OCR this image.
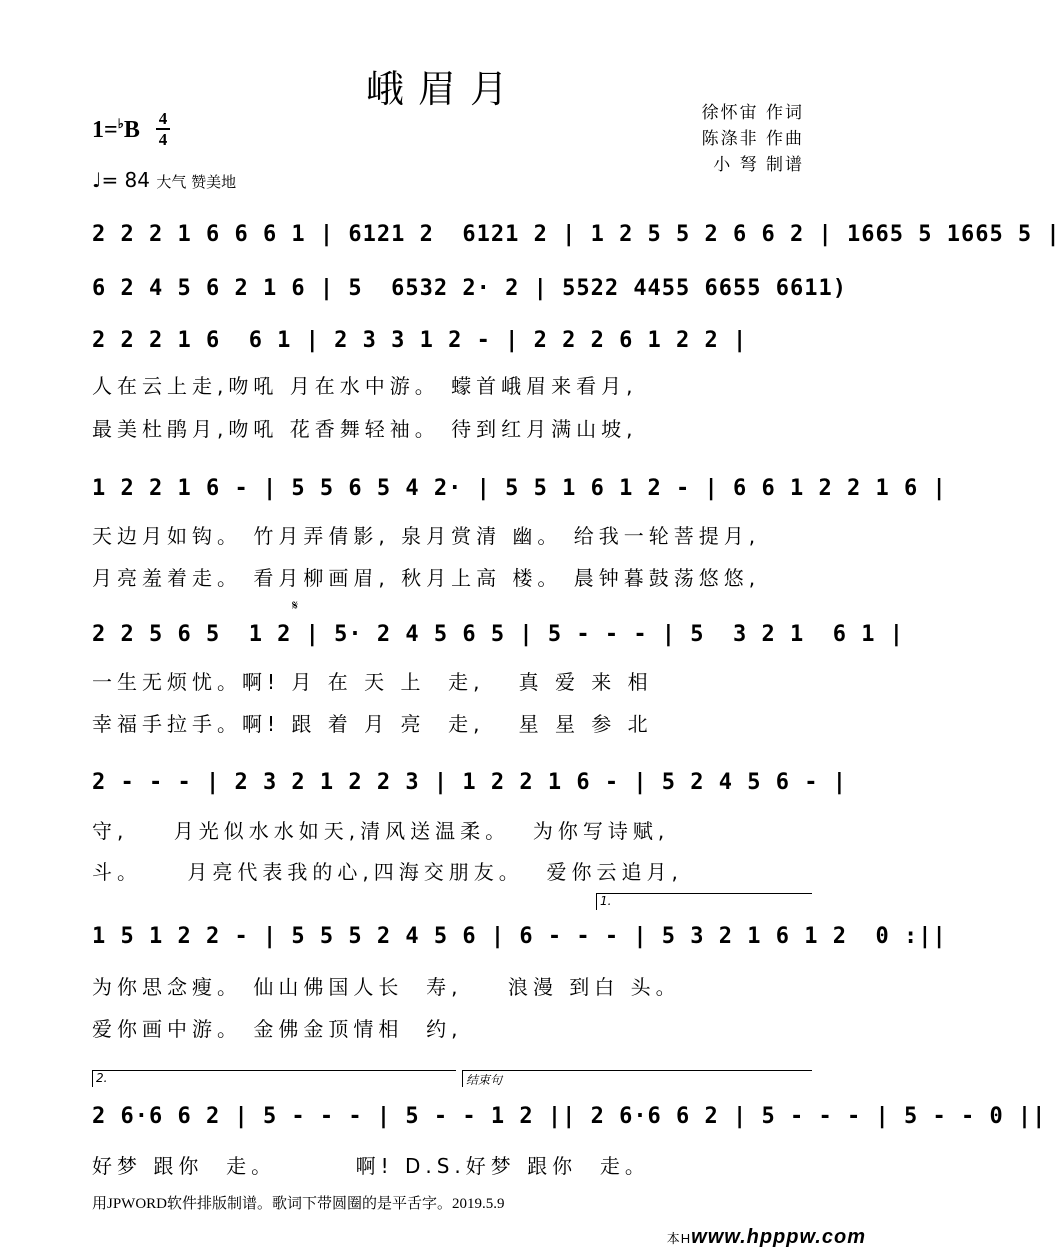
峨眉月
徐怀宙 作词
陈涤非 作曲
小 弩 制谱
1=♭B 4
4
♩= 84 大气 赞美地
2 2 2 1 6 6 6 1 | 6121 2  6121 2 | 1 2 5 5 2 6 6 2 | 1665 5 1665 5 |
6 2 4 5 6 2 1 6 | 5  6532 2· 2 | 5522 4455 6655 6611)
2 2 2 1 6  6 1 | 2 3 3 1 2 - | 2 2 2 6 1 2 2 |
人在云上走,吻吼 月在水中游。 蠓首峨眉来看月,
最美杜鹃月,吻吼 花香舞轻袖。 待到红月满山坡,
1 2 2 1 6 - | 5 5 6 5 4 2· | 5 5 1 6 1 2 - | 6 6 1 2 2 1 6 |
天边月如钩。 竹月弄倩影, 泉月赏清 幽。 给我一轮菩提月,
月亮羞着走。 看月柳画眉, 秋月上高 楼。 晨钟暮鼓荡悠悠,
𝄋
2 2 5 6 5  1 2 | 5· 2 4 5 6 5 | 5 - - - | 5  3 2 1  6 1 |
一生无烦忧。啊! 月 在 天 上  走,   真 爱 来 相
幸福手拉手。啊! 跟 着 月 亮  走,   星 星 参 北
2 - - - | 2 3 2 1 2 2 3 | 1 2 2 1 6 - | 5 2 4 5 6 - |
守,    月光似水水如天,清风送温柔。  为你写诗赋,
斗。    月亮代表我的心,四海交朋友。  爱你云追月,
1.
1 5 1 2 2 - | 5 5 5 2 4 5 6 | 6 - - - | 5 3 2 1 6 1 2  0 :||
为你思念瘦。 仙山佛国人长  寿,    浪漫 到白 头。
爱你画中游。 金佛金顶情相  约,
2.	结束句
2 6·6 6 2 | 5 - - - | 5 - - 1 2 || 2 6·6 6 2 | 5 - - - | 5 - - 0 ||
好梦 跟你  走。       啊! D.S.好梦 跟你  走。
用JPWORD软件排版制谱。歌词下带圆圈的是平舌字。2019.5.9
本Hwww.hpppw.com
